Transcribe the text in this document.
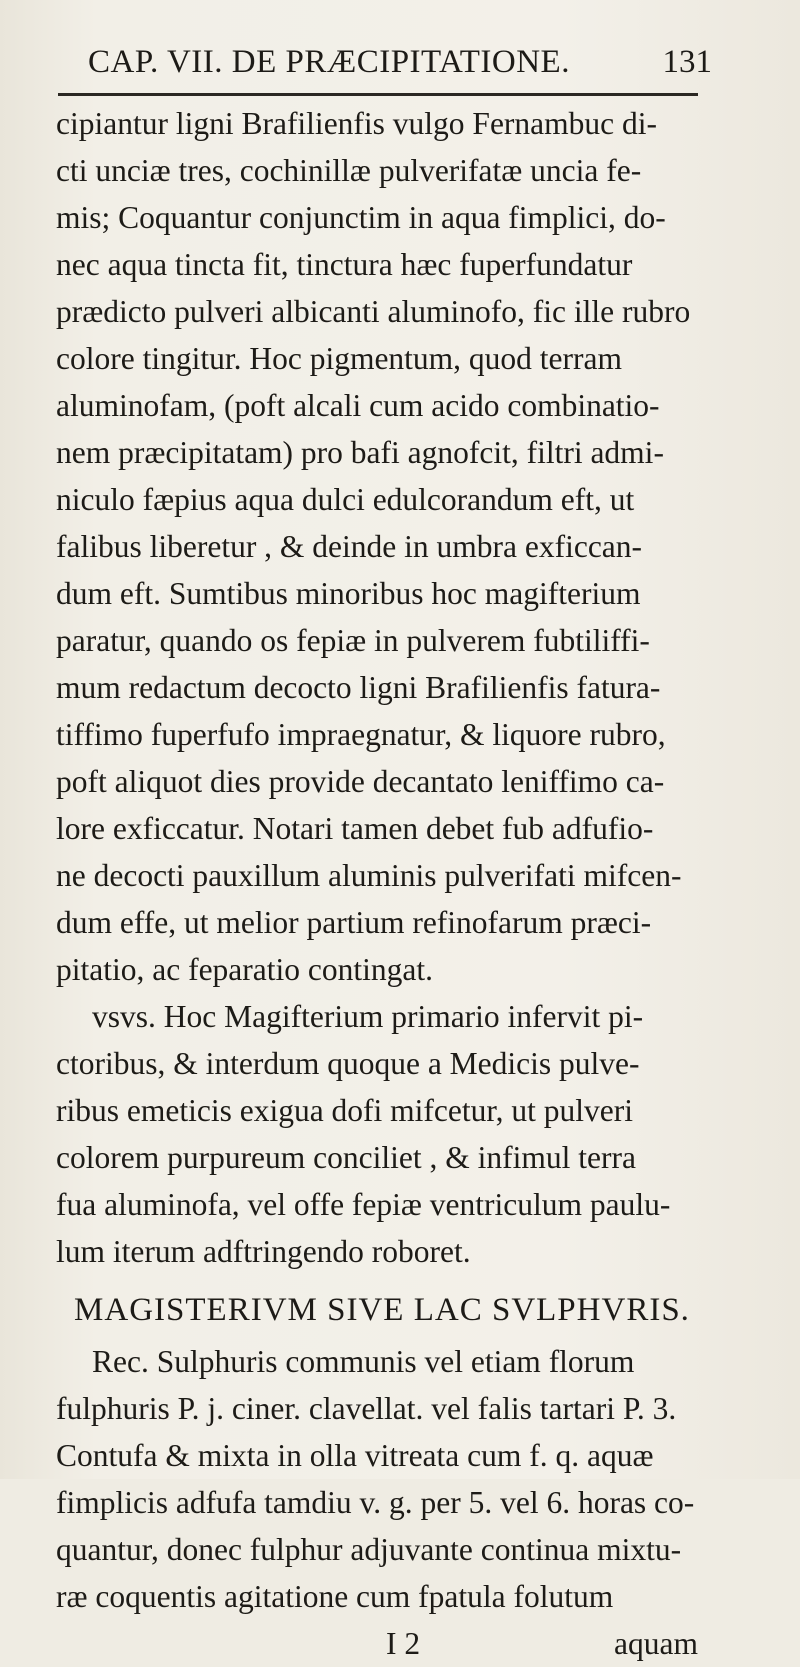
CAP. VII. DE PRÆCIPITATIONE.	131
cipiantur ligni Brafilienfis vulgo Fernambuc di-
cti unciæ tres, cochinillæ pulverifatæ uncia fe-
mis; Coquantur conjunctim in aqua fimplici, do-
nec aqua tincta fit, tinctura hæc fuperfundatur
prædicto pulveri albicanti aluminofo, fic ille rubro
colore tingitur. Hoc pigmentum, quod terram
aluminofam, (poft alcali cum acido combinatio-
nem præcipitatam) pro bafi agnofcit, filtri admi-
niculo fæpius aqua dulci edulcorandum eft, ut
falibus liberetur , & deinde in umbra exficcan-
dum eft. Sumtibus minoribus hoc magifterium
paratur, quando os fepiæ in pulverem fubtiliffi-
mum redactum decocto ligni Brafilienfis fatura-
tiffimo fuperfufo impraegnatur, & liquore rubro,
poft aliquot dies provide decantato leniffimo ca-
lore exficcatur. Notari tamen debet fub adfufio-
ne decocti pauxillum aluminis pulverifati mifcen-
dum effe, ut melior partium refinofarum præci-
pitatio, ac feparatio contingat.
vsvs. Hoc Magifterium primario infervit pi-
ctoribus, & interdum quoque a Medicis pulve-
ribus emeticis exigua dofi mifcetur, ut pulveri
colorem purpureum conciliet , & infimul terra
fua aluminofa, vel offe fepiæ ventriculum paulu-
lum iterum adftringendo roboret.
MAGISTERIVM SIVE LAC SVLPHVRIS.
Rec. Sulphuris communis vel etiam florum
fulphuris P. j. ciner. clavellat. vel falis tartari P. 3.
Contufa & mixta in olla vitreata cum f. q. aquæ
fimplicis adfufa tamdiu v. g. per 5. vel 6. horas co-
quantur, donec fulphur adjuvante continua mixtu-
ræ coquentis agitatione cum fpatula folutum
I 2	aquam
